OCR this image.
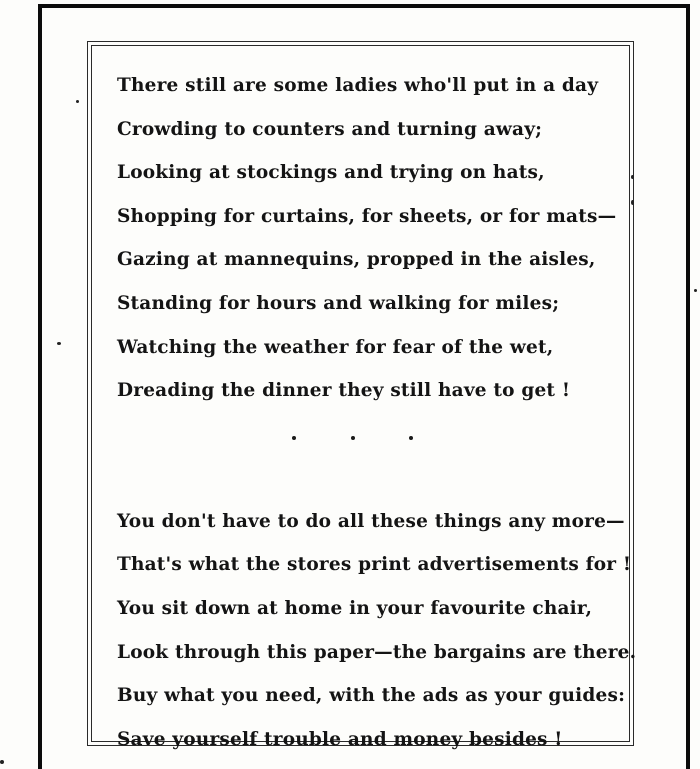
There still are some ladies who'll put in a day
Crowding to counters and turning away;
Looking at stockings and trying on hats,
Shopping for curtains, for sheets, or for mats—
Gazing at mannequins, propped in the aisles,
Standing for hours and walking for miles;
Watching the weather for fear of the wet,
Dreading the dinner they still have to get !
You don't have to do all these things any more—
That's what the stores print advertisements for !
You sit down at home in your favourite chair,
Look through this paper—the bargains are there.
Buy what you need, with the ads as your guides:
Save yourself trouble and money besides !
